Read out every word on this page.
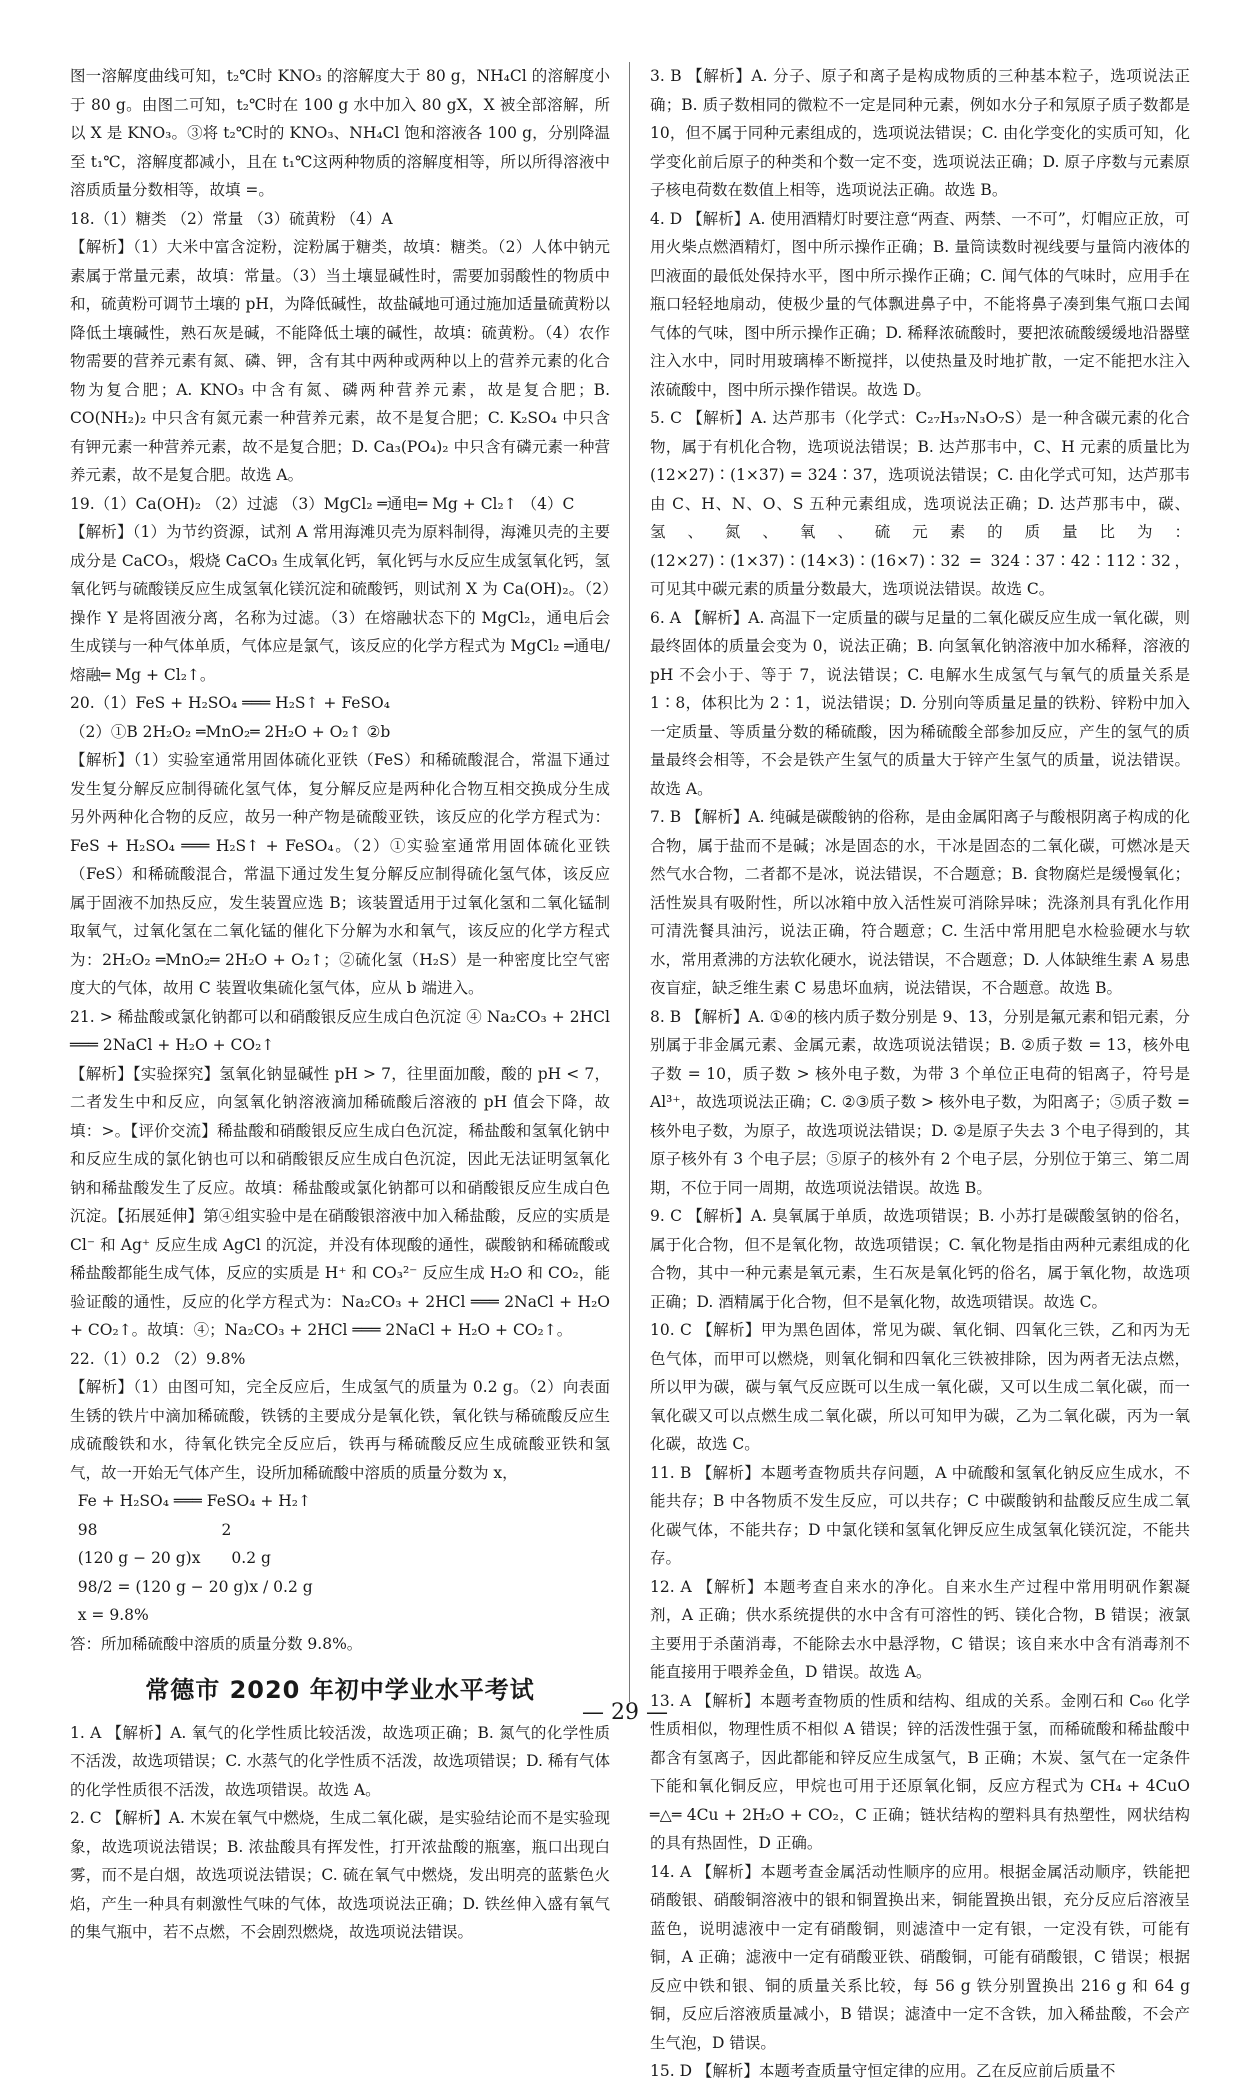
图一溶解度曲线可知，t₂℃时 KNO₃ 的溶解度大于 80 g，NH₄Cl 的溶解度小于 80 g。由图二可知，t₂℃时在 100 g 水中加入 80 gX，X 被全部溶解，所以 X 是 KNO₃。③将 t₂℃时的 KNO₃、NH₄Cl 饱和溶液各 100 g，分别降温至 t₁℃，溶解度都减小，且在 t₁℃这两种物质的溶解度相等，所以所得溶液中溶质质量分数相等，故填 =。

18.（1）糖类 （2）常量 （3）硫黄粉 （4）A

【解析】（1）大米中富含淀粉，淀粉属于糖类，故填：糖类。（2）人体中钠元素属于常量元素，故填：常量。（3）当土壤显碱性时，需要加弱酸性的物质中和，硫黄粉可调节土壤的 pH，为降低碱性，故盐碱地可通过施加适量硫黄粉以降低土壤碱性，熟石灰是碱，不能降低土壤的碱性，故填：硫黄粉。（4）农作物需要的营养元素有氮、磷、钾，含有其中两种或两种以上的营养元素的化合物为复合肥；A. KNO₃ 中含有氮、磷两种营养元素，故是复合肥；B. CO(NH₂)₂ 中只含有氮元素一种营养元素，故不是复合肥；C. K₂SO₄ 中只含有钾元素一种营养元素，故不是复合肥；D. Ca₃(PO₄)₂ 中只含有磷元素一种营养元素，故不是复合肥。故选 A。

19.（1）Ca(OH)₂ （2）过滤 （3）MgCl₂ ═通电═ Mg + Cl₂↑ （4）C

【解析】（1）为节约资源，试剂 A 常用海滩贝壳为原料制得，海滩贝壳的主要成分是 CaCO₃，煅烧 CaCO₃ 生成氧化钙，氧化钙与水反应生成氢氧化钙，氢氧化钙与硫酸镁反应生成氢氧化镁沉淀和硫酸钙，则试剂 X 为 Ca(OH)₂。（2）操作 Y 是将固液分离，名称为过滤。（3）在熔融状态下的 MgCl₂，通电后会生成镁与一种气体单质，气体应是氯气，该反应的化学方程式为 MgCl₂ ═通电/熔融═ Mg + Cl₂↑。

20.（1）FeS + H₂SO₄ ═══ H₂S↑ + FeSO₄

（2）①B 2H₂O₂ ═MnO₂═ 2H₂O + O₂↑ ②b

【解析】（1）实验室通常用固体硫化亚铁（FeS）和稀硫酸混合，常温下通过发生复分解反应制得硫化氢气体，复分解反应是两种化合物互相交换成分生成另外两种化合物的反应，故另一种产物是硫酸亚铁，该反应的化学方程式为：FeS + H₂SO₄ ═══ H₂S↑ + FeSO₄。（2）①实验室通常用固体硫化亚铁（FeS）和稀硫酸混合，常温下通过发生复分解反应制得硫化氢气体，该反应属于固液不加热反应，发生装置应选 B；该装置适用于过氧化氢和二氧化锰制取氧气，过氧化氢在二氧化锰的催化下分解为水和氧气，该反应的化学方程式为：2H₂O₂ ═MnO₂═ 2H₂O + O₂↑；②硫化氢（H₂S）是一种密度比空气密度大的气体，故用 C 装置收集硫化氢气体，应从 b 端进入。

21. > 稀盐酸或氯化钠都可以和硝酸银反应生成白色沉淀 ④ Na₂CO₃ + 2HCl ═══ 2NaCl + H₂O + CO₂↑

【解析】【实验探究】氢氧化钠显碱性 pH > 7，往里面加酸，酸的 pH < 7，二者发生中和反应，向氢氧化钠溶液滴加稀硫酸后溶液的 pH 值会下降，故填：>。【评价交流】稀盐酸和硝酸银反应生成白色沉淀，稀盐酸和氢氧化钠中和反应生成的氯化钠也可以和硝酸银反应生成白色沉淀，因此无法证明氢氧化钠和稀盐酸发生了反应。故填：稀盐酸或氯化钠都可以和硝酸银反应生成白色沉淀。【拓展延伸】第④组实验中是在硝酸银溶液中加入稀盐酸，反应的实质是 Cl⁻ 和 Ag⁺ 反应生成 AgCl 的沉淀，并没有体现酸的通性，碳酸钠和稀硫酸或稀盐酸都能生成气体，反应的实质是 H⁺ 和 CO₃²⁻ 反应生成 H₂O 和 CO₂，能验证酸的通性，反应的化学方程式为：Na₂CO₃ + 2HCl ═══ 2NaCl + H₂O + CO₂↑。故填：④；Na₂CO₃ + 2HCl ═══ 2NaCl + H₂O + CO₂↑。

22.（1）0.2 （2）9.8%

【解析】（1）由图可知，完全反应后，生成氢气的质量为 0.2 g。（2）向表面生锈的铁片中滴加稀硫酸，铁锈的主要成分是氧化铁，氧化铁与稀硫酸反应生成硫酸铁和水，待氧化铁完全反应后，铁再与稀硫酸反应生成硫酸亚铁和氢气，故一开始无气体产生，设所加稀硫酸中溶质的质量分数为 x，

Fe + H₂SO₄ ═══ FeSO₄ + H₂↑

98　　　　　　　　2

(120 g − 20 g)x　　0.2 g

98/2 = (120 g − 20 g)x / 0.2 g

x = 9.8%

答：所加稀硫酸中溶质的质量分数 9.8%。

常德市 2020 年初中学业水平考试

1. A 【解析】A. 氧气的化学性质比较活泼，故选项正确；B. 氮气的化学性质不活泼，故选项错误；C. 水蒸气的化学性质不活泼，故选项错误；D. 稀有气体的化学性质很不活泼，故选项错误。故选 A。

2. C 【解析】A. 木炭在氧气中燃烧，生成二氧化碳，是实验结论而不是实验现象，故选项说法错误；B. 浓盐酸具有挥发性，打开浓盐酸的瓶塞，瓶口出现白雾，而不是白烟，故选项说法错误；C. 硫在氧气中燃烧，发出明亮的蓝紫色火焰，产生一种具有刺激性气味的气体，故选项说法正确；D. 铁丝伸入盛有氧气的集气瓶中，若不点燃，不会剧烈燃烧，故选项说法错误。

3. B 【解析】A. 分子、原子和离子是构成物质的三种基本粒子，选项说法正确；B. 质子数相同的微粒不一定是同种元素，例如水分子和氖原子质子数都是 10，但不属于同种元素组成的，选项说法错误；C. 由化学变化的实质可知，化学变化前后原子的种类和个数一定不变，选项说法正确；D. 原子序数与元素原子核电荷数在数值上相等，选项说法正确。故选 B。

4. D 【解析】A. 使用酒精灯时要注意“两查、两禁、一不可”，灯帽应正放，可用火柴点燃酒精灯，图中所示操作正确；B. 量筒读数时视线要与量筒内液体的凹液面的最低处保持水平，图中所示操作正确；C. 闻气体的气味时，应用手在瓶口轻轻地扇动，使极少量的气体飘进鼻子中，不能将鼻子凑到集气瓶口去闻气体的气味，图中所示操作正确；D. 稀释浓硫酸时，要把浓硫酸缓缓地沿器壁注入水中，同时用玻璃棒不断搅拌，以使热量及时地扩散，一定不能把水注入浓硫酸中，图中所示操作错误。故选 D。

5. C 【解析】A. 达芦那韦（化学式：C₂₇H₃₇N₃O₇S）是一种含碳元素的化合物，属于有机化合物，选项说法错误；B. 达芦那韦中，C、H 元素的质量比为 (12×27)∶(1×37) = 324∶37，选项说法错误；C. 由化学式可知，达芦那韦由 C、H、N、O、S 五种元素组成，选项说法正确；D. 达芦那韦中，碳、氢、氮、氧、硫元素的质量比为：(12×27)∶(1×37)∶(14×3)∶(16×7)∶32 = 324∶37∶42∶112∶32，可见其中碳元素的质量分数最大，选项说法错误。故选 C。

6. A 【解析】A. 高温下一定质量的碳与足量的二氧化碳反应生成一氧化碳，则最终固体的质量会变为 0，说法正确；B. 向氢氧化钠溶液中加水稀释，溶液的 pH 不会小于、等于 7，说法错误；C. 电解水生成氢气与氧气的质量关系是 1∶8，体积比为 2∶1，说法错误；D. 分别向等质量足量的铁粉、锌粉中加入一定质量、等质量分数的稀硫酸，因为稀硫酸全部参加反应，产生的氢气的质量最终会相等，不会是铁产生氢气的质量大于锌产生氢气的质量，说法错误。故选 A。

7. B 【解析】A. 纯碱是碳酸钠的俗称，是由金属阳离子与酸根阴离子构成的化合物，属于盐而不是碱；冰是固态的水，干冰是固态的二氧化碳，可燃冰是天然气水合物，二者都不是冰，说法错误，不合题意；B. 食物腐烂是缓慢氧化；活性炭具有吸附性，所以冰箱中放入活性炭可消除异味；洗涤剂具有乳化作用可清洗餐具油污，说法正确，符合题意；C. 生活中常用肥皂水检验硬水与软水，常用煮沸的方法软化硬水，说法错误，不合题意；D. 人体缺维生素 A 易患夜盲症，缺乏维生素 C 易患坏血病，说法错误，不合题意。故选 B。

8. B 【解析】A. ①④的核内质子数分别是 9、13，分别是氟元素和铝元素，分别属于非金属元素、金属元素，故选项说法错误；B. ②质子数 = 13，核外电子数 = 10，质子数 > 核外电子数，为带 3 个单位正电荷的铝离子，符号是 Al³⁺，故选项说法正确；C. ②③质子数 > 核外电子数，为阳离子；⑤质子数 = 核外电子数，为原子，故选项说法错误；D. ②是原子失去 3 个电子得到的，其原子核外有 3 个电子层；⑤原子的核外有 2 个电子层，分别位于第三、第二周期，不位于同一周期，故选项说法错误。故选 B。

9. C 【解析】A. 臭氧属于单质，故选项错误；B. 小苏打是碳酸氢钠的俗名，属于化合物，但不是氧化物，故选项错误；C. 氧化物是指由两种元素组成的化合物，其中一种元素是氧元素，生石灰是氧化钙的俗名，属于氧化物，故选项正确；D. 酒精属于化合物，但不是氧化物，故选项错误。故选 C。

10. C 【解析】甲为黑色固体，常见为碳、氧化铜、四氧化三铁，乙和丙为无色气体，而甲可以燃烧，则氧化铜和四氧化三铁被排除，因为两者无法点燃，所以甲为碳，碳与氧气反应既可以生成一氧化碳，又可以生成二氧化碳，而一氧化碳又可以点燃生成二氧化碳，所以可知甲为碳，乙为二氧化碳，丙为一氧化碳，故选 C。

11. B 【解析】本题考查物质共存问题，A 中硫酸和氢氧化钠反应生成水，不能共存；B 中各物质不发生反应，可以共存；C 中碳酸钠和盐酸反应生成二氧化碳气体，不能共存；D 中氯化镁和氢氧化钾反应生成氢氧化镁沉淀，不能共存。

12. A 【解析】本题考查自来水的净化。自来水生产过程中常用明矾作絮凝剂，A 正确；供水系统提供的水中含有可溶性的钙、镁化合物，B 错误；液氯主要用于杀菌消毒，不能除去水中悬浮物，C 错误；该自来水中含有消毒剂不能直接用于喂养金鱼，D 错误。故选 A。

13. A 【解析】本题考查物质的性质和结构、组成的关系。金刚石和 C₆₀ 化学性质相似，物理性质不相似 A 错误；锌的活泼性强于氢，而稀硫酸和稀盐酸中都含有氢离子，因此都能和锌反应生成氢气，B 正确；木炭、氢气在一定条件下能和氧化铜反应，甲烷也可用于还原氧化铜，反应方程式为 CH₄ + 4CuO ═△═ 4Cu + 2H₂O + CO₂，C 正确；链状结构的塑料具有热塑性，网状结构的具有热固性，D 正确。

14. A 【解析】本题考查金属活动性顺序的应用。根据金属活动顺序，铁能把硝酸银、硝酸铜溶液中的银和铜置换出来，铜能置换出银，充分反应后溶液呈蓝色，说明滤液中一定有硝酸铜，则滤渣中一定有银，一定没有铁，可能有铜，A 正确；滤液中一定有硝酸亚铁、硝酸铜，可能有硝酸银，C 错误；根据反应中铁和银、铜的质量关系比较，每 56 g 铁分别置换出 216 g 和 64 g 铜，反应后溶液质量减小，B 错误；滤渣中一定不含铁，加入稀盐酸，不会产生气泡，D 错误。

15. D 【解析】本题考查质量守恒定律的应用。乙在反应前后质量不

— 29 —
